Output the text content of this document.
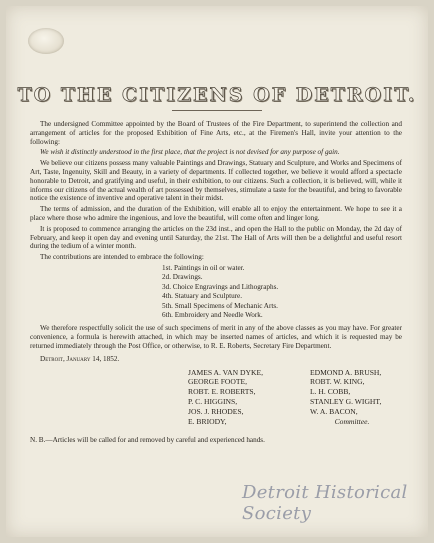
TO THE CITIZENS OF DETROIT.

The undersigned Committee appointed by the Board of Trustees of the Fire Department, to superintend the collection and arrangement of articles for the proposed Exhibition of Fine Arts, etc., at the Firemen's Hall, invite your attention to the following:

We wish it distinctly understood in the first place, that the project is not devised for any purpose of gain.

We believe our citizens possess many valuable Paintings and Drawings, Statuary and Sculpture, and Works and Specimens of Art, Taste, Ingenuity, Skill and Beauty, in a variety of departments. If collected together, we believe it would afford a spectacle honorable to Detroit, and gratifying and useful, in their exhibition, to our citizens. Such a collection, it is believed, will, while it informs our citizens of the actual wealth of art possessed by themselves, stimulate a taste for the beautiful, and bring to favorable notice the existence of inventive and operative talent in their midst.

The terms of admission, and the duration of the Exhibition, will enable all to enjoy the entertainment. We hope to see it a place where those who admire the ingenious, and love the beautiful, will come often and linger long.

It is proposed to commence arranging the articles on the 23d inst., and open the Hall to the public on Monday, the 2d day of February, and keep it open day and evening until Saturday, the 21st. The Hall of Arts will then be a delightful and useful resort during the tedium of a winter month.

The contributions are intended to embrace the following:

1st. Paintings in oil or water.
2d. Drawings.
3d. Choice Engravings and Lithographs.
4th. Statuary and Sculpture.
5th. Small Specimens of Mechanic Arts.
6th. Embroidery and Needle Work.

We therefore respectfully solicit the use of such specimens of merit in any of the above classes as you may have. For greater convenience, a formula is herewith attached, in which may be inserted names of articles, and which it is requested may be returned immediately through the Post Office, or otherwise, to R. E. Roberts, Secretary Fire Department.

Detroit, January 14, 1852.
JAMES A. VAN DYKE,
GEORGE FOOTE,
ROBT. E. ROBERTS,
P. C. HIGGINS,
JOS. J. RHODES,
E. BRIODY,
EDMOND A. BRUSH,
ROBT. W. KING,
L. H. COBB,
STANLEY G. WIGHT,
W. A. BACON,
Committee.

N. B.—Articles will be called for and removed by careful and experienced hands.

Detroit Historical Society
